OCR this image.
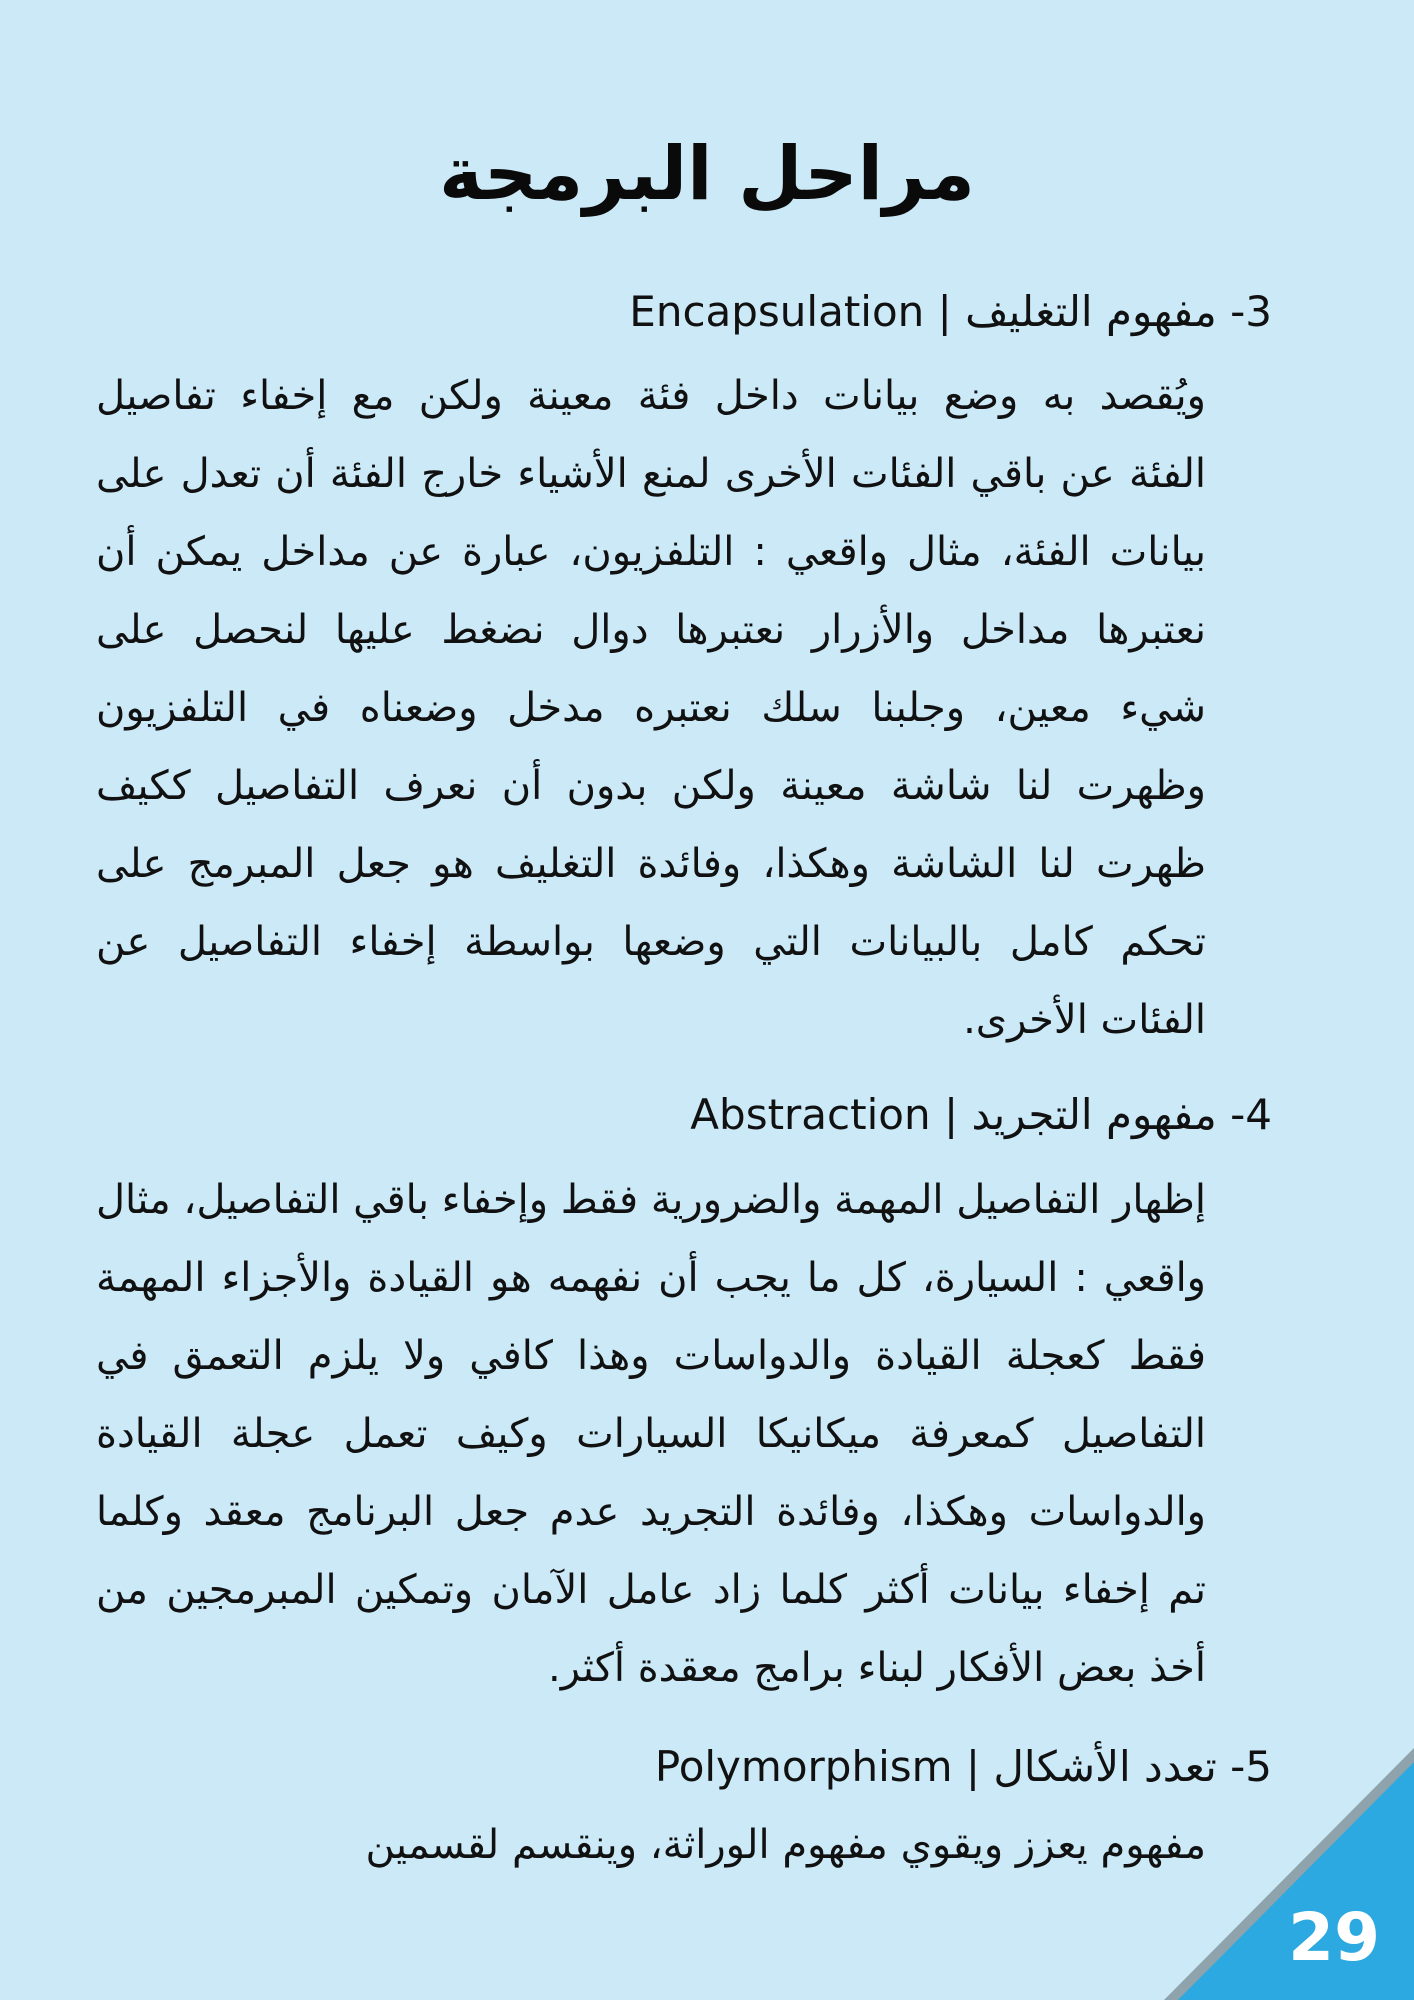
مراحل البرمجة
3- مفهوم التغليف | Encapsulation
ويُقصد به وضع بيانات داخل فئة معينة ولكن مع إخفاء تفاصيل
الفئة عن باقي الفئات الأخرى لمنع الأشياء خارج الفئة أن تعدل على
بيانات الفئة، مثال واقعي : التلفزيون، عبارة عن مداخل يمكن أن
نعتبرها مداخل والأزرار نعتبرها دوال نضغط عليها لنحصل على
شيء معين، وجلبنا سلك نعتبره مدخل وضعناه في التلفزيون
وظهرت لنا شاشة معينة ولكن بدون أن نعرف التفاصيل ككيف
ظهرت لنا الشاشة وهكذا، وفائدة التغليف هو جعل المبرمج على
تحكم كامل بالبيانات التي وضعها بواسطة إخفاء التفاصيل عن
الفئات الأخرى.
4- مفهوم التجريد | Abstraction
إظهار التفاصيل المهمة والضرورية فقط وإخفاء باقي التفاصيل، مثال
واقعي : السيارة، كل ما يجب أن نفهمه هو القيادة والأجزاء المهمة
فقط كعجلة القيادة والدواسات وهذا كافي ولا يلزم التعمق في
التفاصيل كمعرفة ميكانيكا السيارات وكيف تعمل عجلة القيادة
والدواسات وهكذا، وفائدة التجريد عدم جعل البرنامج معقد وكلما
تم إخفاء بيانات أكثر كلما زاد عامل الآمان وتمكين المبرمجين من
أخذ بعض الأفكار لبناء برامج معقدة أكثر.
5- تعدد الأشكال | Polymorphism
مفهوم يعزز ويقوي مفهوم الوراثة، وينقسم لقسمين
29
